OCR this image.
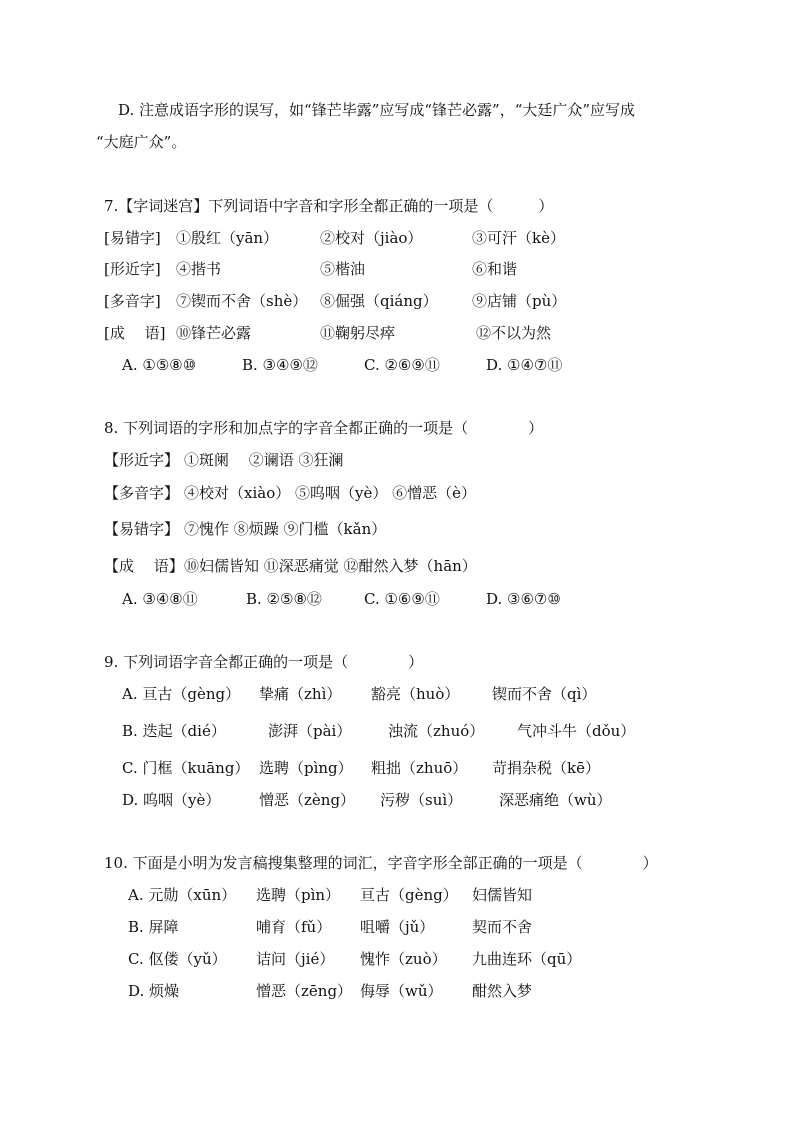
D. 注意成语字形的误写，如“锋芒毕露”应写成“锋芒必露”，“大廷广众”应写成
“大庭广众”。
7.【字词迷宫】下列词语中字音和字形全都正确的一项是（　　　）
[易错字] ①殷红（yān）	②校对（jiào）	③可汗（kè）
[形近字] ④揩书	⑤楷油	⑥和谐
[多音字] ⑦锲而不舍（shè） ⑧倔强（qiáng） ⑨店铺（pù）
[成　 语] ⑩锋芒必露	⑪鞠躬尽瘁	⑫不以为然
A. ①⑤⑧⑩	B. ③④⑨⑫	C. ②⑥⑨⑪	D. ①④⑦⑪
8. 下列词语的字形和加点字的字音全都正确的一项是（　　　　）
【形近字】 ①斑阑　 ②谰语 ③狂澜
【多音字】 ④校对（xiào） ⑤呜咽（yè） ⑥憎恶（è）
【易错字】 ⑦愧作 ⑧烦躁 ⑨门槛（kǎn）
【成　 语】 ⑩妇儒皆知 ⑪深恶痛觉 ⑫酣然入梦（hān）
A. ③④⑧⑪	B. ②⑤⑧⑫	C. ①⑥⑨⑪	D. ③⑥⑦⑩
9. 下列词语字音全都正确的一项是（　　　　）
A. 亘古（gèng） 挚痛（zhì） 豁亮（huò） 锲而不舍（qì）
B. 迭起（dié）	澎湃（pài） 浊流（zhuó） 气冲斗牛（dǒu）
C. 门框（kuāng） 选聘（pìng） 粗拙（zhuō） 苛捐杂税（kē）
D. 呜咽（yè）	憎恶（zèng） 污秽（suì） 深恶痛绝（wù）
10. 下面是小明为发言稿搜集整理的词汇，字音字形全部正确的一项是（　　　　）
A. 元勋（xūn） 选聘（pìn） 亘古（gèng） 妇儒皆知
B. 屏障	哺育（fǔ） 咀嚼（jǔ）	契而不舍
C. 伛偻（yǔ） 诘问（jié） 愧怍（zuò） 九曲连环（qū）
D. 烦燥	憎恶（zēng） 侮辱（wǔ） 酣然入梦
